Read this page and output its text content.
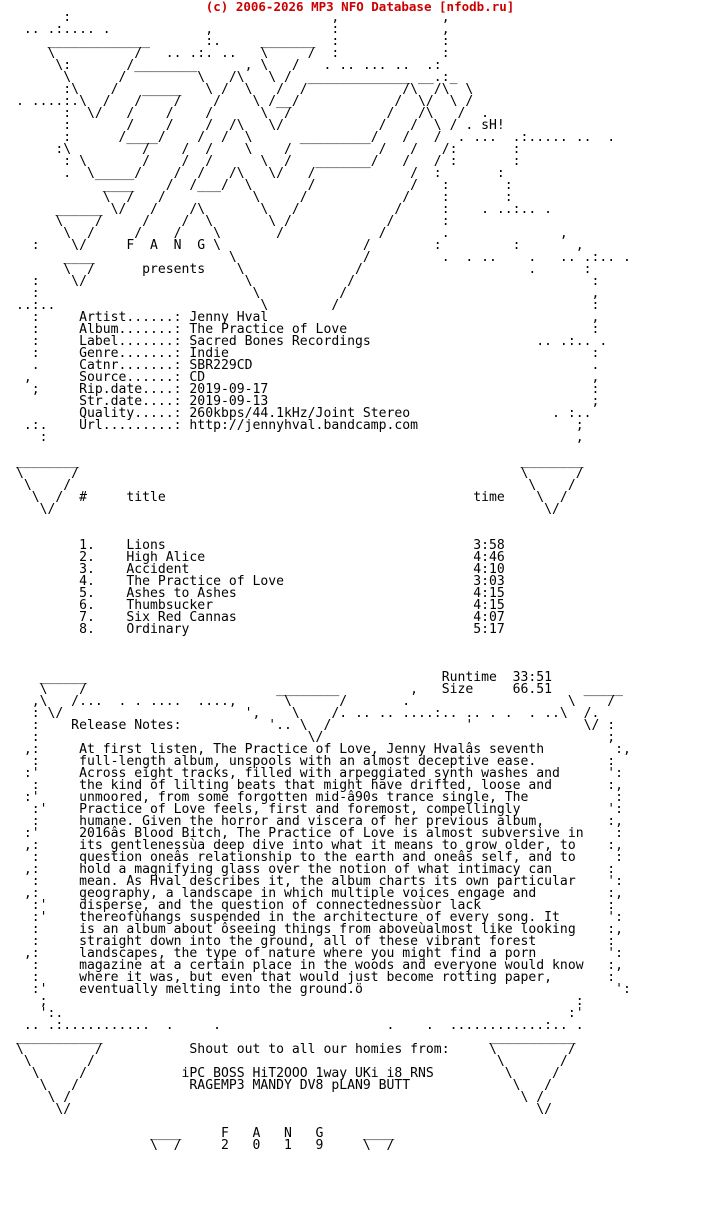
(c) 2006-2026 MP3 NFO Database [nfodb.ru]
:                                 ,             ,
.. .:.... .            ,               :             ,
_____________       :.     _______  :             :
\          /   .. .:. ..   \     /  :             :
\:       /________      , \   /   . .. ... ..  .:
\      /         \   /\   \ /  _____________ __.:_
:\    /   _____   \ /  \   /  /            /\  /\  \
. ....:.\  /   /    /    /    \ /__/            /  \/  \ /
:  \/   /    /    /      \  /            /   /\   /  .
:       /    /    /  /\   \/            /   /  \ / . sH!
:      /____/    /  /  \      _________/   /   /  . ...  .:..... ..  .
:\         /    /  /    \    /           /   /   /:       :
: \       /    /  /      \  /   _______/   /   / :       :
.  \_____/    /  /   /\   \/   /            /  :       :
____    /  /___/  \       /            /   :       :
\  /   /           \     /            /    :       :
______ \/   /    /\       \   /            /     :    . ..:.. .
\    /     /    /  \       \ /            /      :
\  /     /    /    \       /            /       .              ,
:    \/     F  A  N  G \                  /        :         :       ,
____                 \                /         .  . ..    .   .. .:.. .
\  /      presents    \              /                     .      :
:    \/                    \            /                              :
:                           \          /                               ,
..:..                          \        /                                :
:     Artist......: Jenny Hval                                         ,
:     Album.......: The Practice of Love                               :
:     Label.......: Sacred Bones Recordings                     .. .:.. .
:     Genre.......: Indie                                              :
.     Catnr.......: SBR229CD                                           .
,      Source......: CD                                                 ,
;     Rip.date....: 2019-09-17                                         :
Str.date....: 2019-09-13                                         ;
Quality.....: 260kbps/44.1kHz/Joint Stereo                  . :..
.:.    Url.........: http://jennyhval.bandcamp.com                    ;
:                                                                   ,
________                                                        ________
\      /                                                        \      /
\    /                                                          \    /
\  /  #     title                                       time    \  /
\/                                                              \/
1.    Lions                                       3:58
2.    High Alice                                  4:46
3.    Accident                                    4:10
4.    The Practice of Love                        3:03
5.    Ashes to Ashes                              4:15
6.    Thumbsucker                                 4:15
7.    Six Red Cannas                              4:07
8.    Ordinary                                    5:17
______                                             Runtime  33:51
\    /                        ________         ,   Size     66.51    _____
,\   /...  . . ....  ....,      \      /       .                    \    /
: \/                       ',    \    /. .. .. ....:.. .. . .  . ..\  /.
:    Release Notes:           '.. \  /                 '              \/ :
:                                  \/                                    ;
,:     At first listen, The Practice of Love, Jenny Hvalâs seventh         :,
:     full-length album, unspools with an almost deceptive ease.         :
:'     Across eight tracks, filled with arpeggiated synth washes and      ':
:     the kind of lilting beats that might have drifted, loose and       :,
:'     unmoored, from some forgotten mid-â90s trance single, The           :
:'    Practice of Love feels, first and foremost, compellingly           ':
:     humane. Given the horror and viscera of her previous album,        :,
:'     2016âs Blood Bitch, The Practice of Love is almost subversive in    :
,:     its gentlenessùa deep dive into what it means to grow older, to    :,
:     question oneâs relationship to the earth and oneâs self, and to     :
,:     hold a magnifying glass over the notion of what intimacy can       :
:     mean. As Hval describes it, the album charts its own particular    ':
,:     geography, a landscape in which multiple voices engage and         :,
:'    disperse, and the question of connectednessùor lack                :
:'    thereofùhangs suspended in the architecture of every song. It      ':
:     is an album about ôseeing things from aboveùalmost like looking    :,
:     straight down into the ground, all of these vibrant forest         :
,:     landscapes, the type of nature where you might find a porn         ':
:     magazine at a certain place in the woods and everyone would know   :,
:     where it was, but even that would just become rotting paper,       :
:'    eventually melting into the ground.ö                                ':
;                                                                   :
':.                                                                :'
.. .:...........  .     .                     .    .  ............:.. .
___________                                                 ___________
\         /           Shout out to all our homies from:     \         /
\       /                                                   \       /
\     /            iPC BOSS HiT2OOO 1way UKi i8 RNS         \     /
\   /              RAGEMP3 MANDY DV8 pLAN9 BUTT             \   /
\ /                                                         \ /
\/                                                           \/
____     F   A   N   G     ____
\  /     2   0   1   9     \  /
